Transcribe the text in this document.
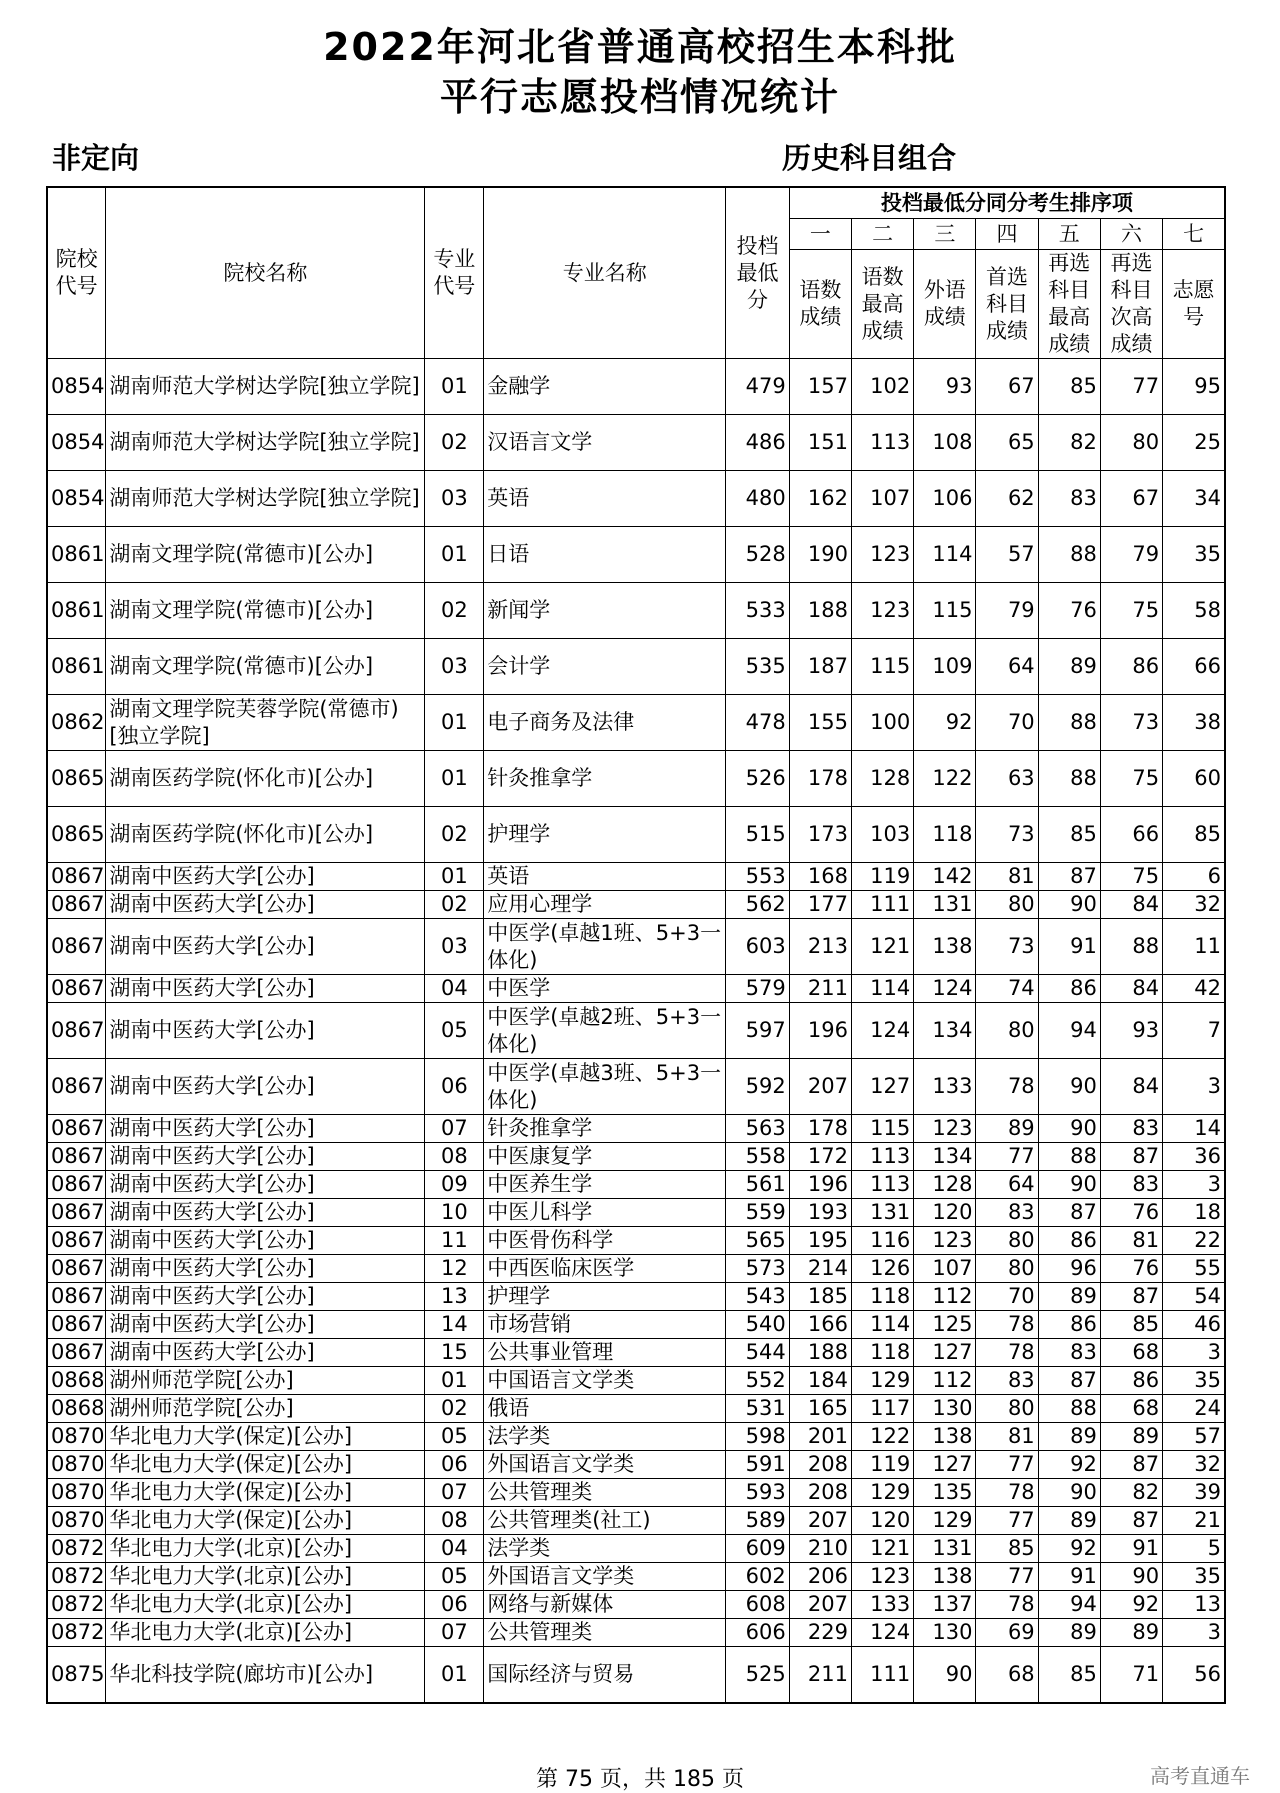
2022年河北省普通高校招生本科批
平行志愿投档情况统计
非定向	历史科目组合
院校代号	院校名称	专业代号	专业名称	投档最低分	投档最低分同分考生排序项						
					一	二	三	四	五	六	七
					语数成绩	语数最高成绩	外语成绩	首选科目成绩	再选科目最高成绩	再选科目次高成绩	志愿号
0854	湖南师范大学树达学院[独立学院]	01	金融学	479	157	102	93	67	85	77	95
0854	湖南师范大学树达学院[独立学院]	02	汉语言文学	486	151	113	108	65	82	80	25
0854	湖南师范大学树达学院[独立学院]	03	英语	480	162	107	106	62	83	67	34
0861	湖南文理学院(常德市)[公办]	01	日语	528	190	123	114	57	88	79	35
0861	湖南文理学院(常德市)[公办]	02	新闻学	533	188	123	115	79	76	75	58
0861	湖南文理学院(常德市)[公办]	03	会计学	535	187	115	109	64	89	86	66
0862	湖南文理学院芙蓉学院(常德市)[独立学院]	01	电子商务及法律	478	155	100	92	70	88	73	38
0865	湖南医药学院(怀化市)[公办]	01	针灸推拿学	526	178	128	122	63	88	75	60
0865	湖南医药学院(怀化市)[公办]	02	护理学	515	173	103	118	73	85	66	85
0867	湖南中医药大学[公办]	01	英语	553	168	119	142	81	87	75	6
0867	湖南中医药大学[公办]	02	应用心理学	562	177	111	131	80	90	84	32
0867	湖南中医药大学[公办]	03	中医学(卓越1班、5+3一体化)	603	213	121	138	73	91	88	11
0867	湖南中医药大学[公办]	04	中医学	579	211	114	124	74	86	84	42
0867	湖南中医药大学[公办]	05	中医学(卓越2班、5+3一体化)	597	196	124	134	80	94	93	7
0867	湖南中医药大学[公办]	06	中医学(卓越3班、5+3一体化)	592	207	127	133	78	90	84	3
0867	湖南中医药大学[公办]	07	针灸推拿学	563	178	115	123	89	90	83	14
0867	湖南中医药大学[公办]	08	中医康复学	558	172	113	134	77	88	87	36
0867	湖南中医药大学[公办]	09	中医养生学	561	196	113	128	64	90	83	3
0867	湖南中医药大学[公办]	10	中医儿科学	559	193	131	120	83	87	76	18
0867	湖南中医药大学[公办]	11	中医骨伤科学	565	195	116	123	80	86	81	22
0867	湖南中医药大学[公办]	12	中西医临床医学	573	214	126	107	80	96	76	55
0867	湖南中医药大学[公办]	13	护理学	543	185	118	112	70	89	87	54
0867	湖南中医药大学[公办]	14	市场营销	540	166	114	125	78	86	85	46
0867	湖南中医药大学[公办]	15	公共事业管理	544	188	118	127	78	83	68	3
0868	湖州师范学院[公办]	01	中国语言文学类	552	184	129	112	83	87	86	35
0868	湖州师范学院[公办]	02	俄语	531	165	117	130	80	88	68	24
0870	华北电力大学(保定)[公办]	05	法学类	598	201	122	138	81	89	89	57
0870	华北电力大学(保定)[公办]	06	外国语言文学类	591	208	119	127	77	92	87	32
0870	华北电力大学(保定)[公办]	07	公共管理类	593	208	129	135	78	90	82	39
0870	华北电力大学(保定)[公办]	08	公共管理类(社工)	589	207	120	129	77	89	87	21
0872	华北电力大学(北京)[公办]	04	法学类	609	210	121	131	85	92	91	5
0872	华北电力大学(北京)[公办]	05	外国语言文学类	602	206	123	138	77	91	90	35
0872	华北电力大学(北京)[公办]	06	网络与新媒体	608	207	133	137	78	94	92	13
0872	华北电力大学(北京)[公办]	07	公共管理类	606	229	124	130	69	89	89	3
0875	华北科技学院(廊坊市)[公办]	01	国际经济与贸易	525	211	111	90	68	85	71	56
第 75 页，共 185 页	高考直通车
